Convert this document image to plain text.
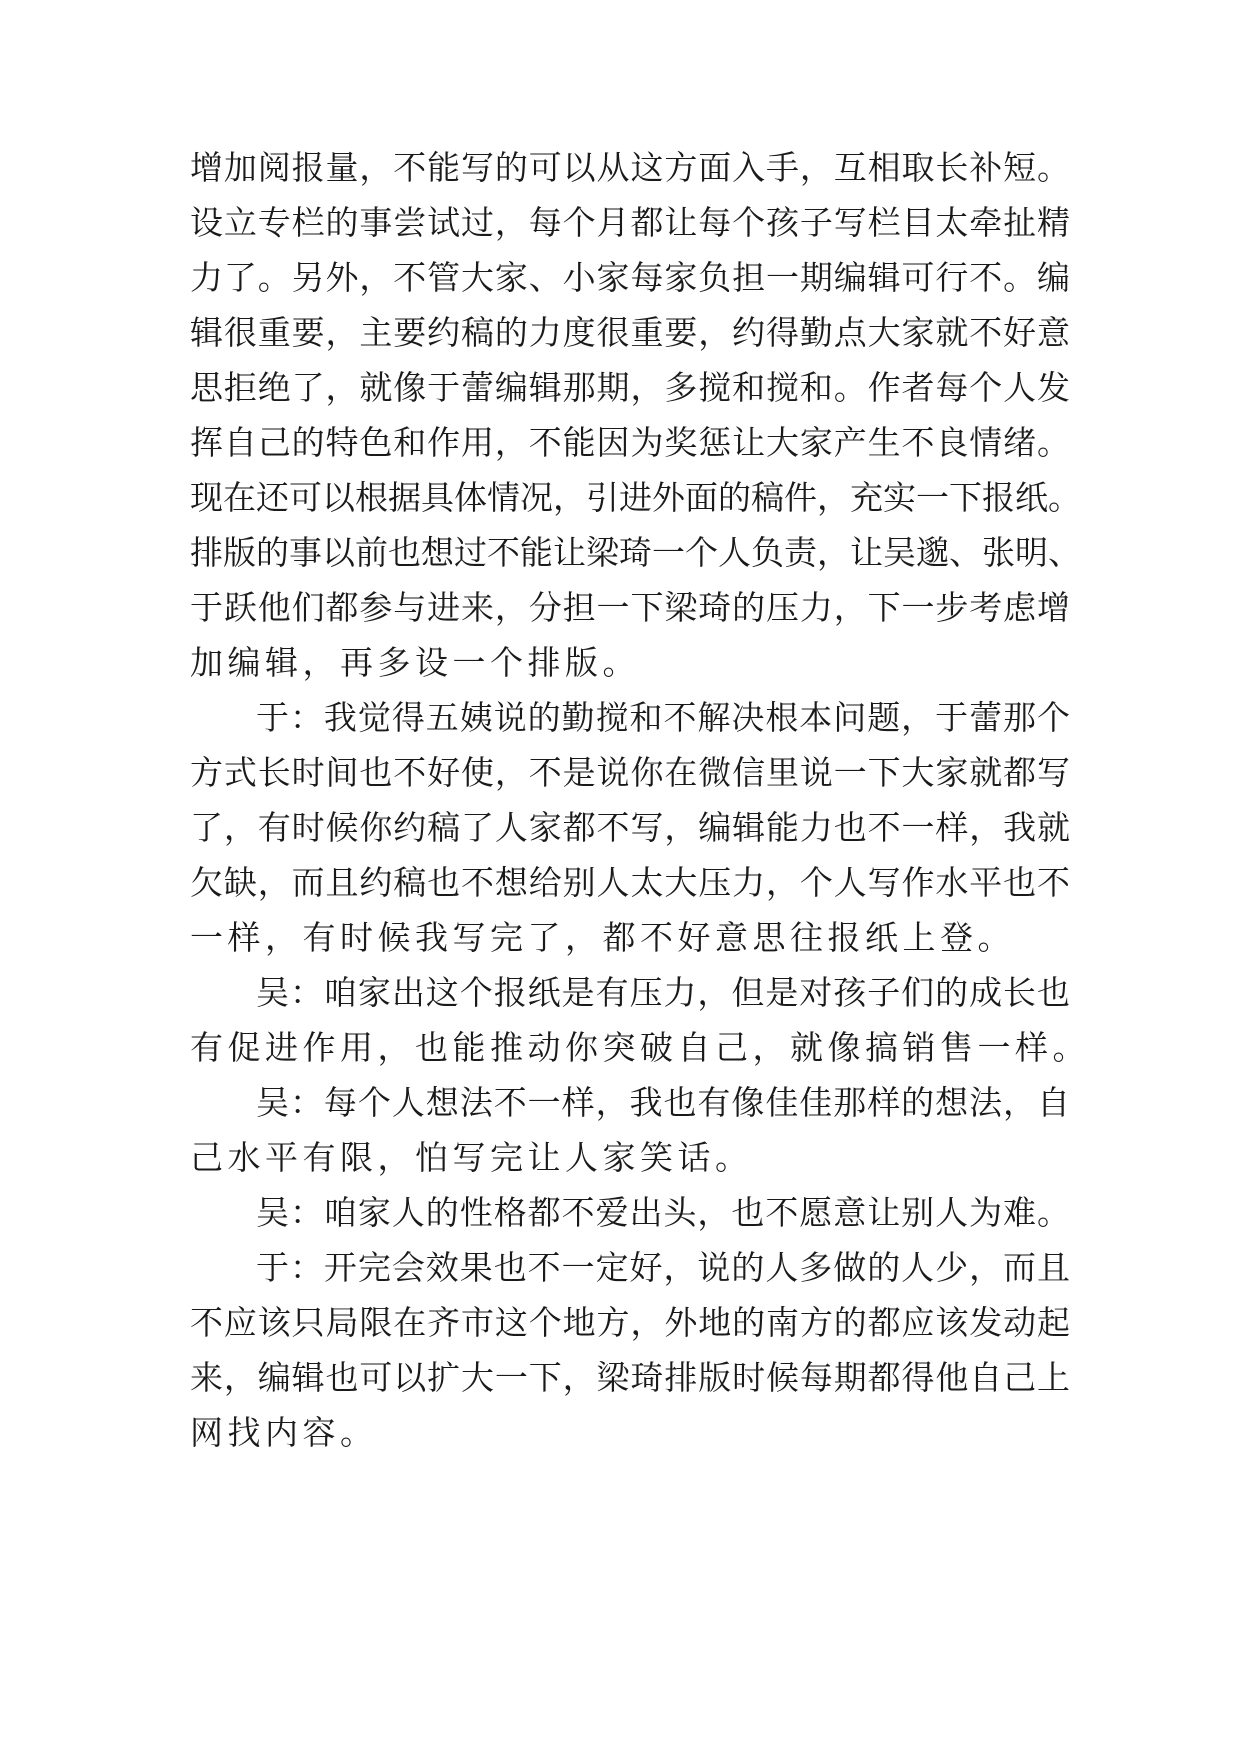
增加阅报量，不能写的可以从这方面入手，互相取长补短。
设立专栏的事尝试过，每个月都让每个孩子写栏目太牵扯精
力了。另外，不管大家、小家每家负担一期编辑可行不。编
辑很重要，主要约稿的力度很重要，约得勤点大家就不好意
思拒绝了，就像于蕾编辑那期，多搅和搅和。作者每个人发
挥自己的特色和作用，不能因为奖惩让大家产生不良情绪。
现在还可以根据具体情况，引进外面的稿件，充实一下报纸。
排版的事以前也想过不能让梁琦一个人负责，让吴邈、张明、
于跃他们都参与进来，分担一下梁琦的压力，下一步考虑增
加编辑，再多设一个排版。
于：我觉得五姨说的勤搅和不解决根本问题，于蕾那个
方式长时间也不好使，不是说你在微信里说一下大家就都写
了，有时候你约稿了人家都不写，编辑能力也不一样，我就
欠缺，而且约稿也不想给别人太大压力，个人写作水平也不
一样，有时候我写完了，都不好意思往报纸上登。
吴：咱家出这个报纸是有压力，但是对孩子们的成长也
有促进作用，也能推动你突破自己，就像搞销售一样。
吴：每个人想法不一样，我也有像佳佳那样的想法，自
己水平有限，怕写完让人家笑话。
吴：咱家人的性格都不爱出头，也不愿意让别人为难。
于：开完会效果也不一定好，说的人多做的人少，而且
不应该只局限在齐市这个地方，外地的南方的都应该发动起
来，编辑也可以扩大一下，梁琦排版时候每期都得他自己上
网找内容。
